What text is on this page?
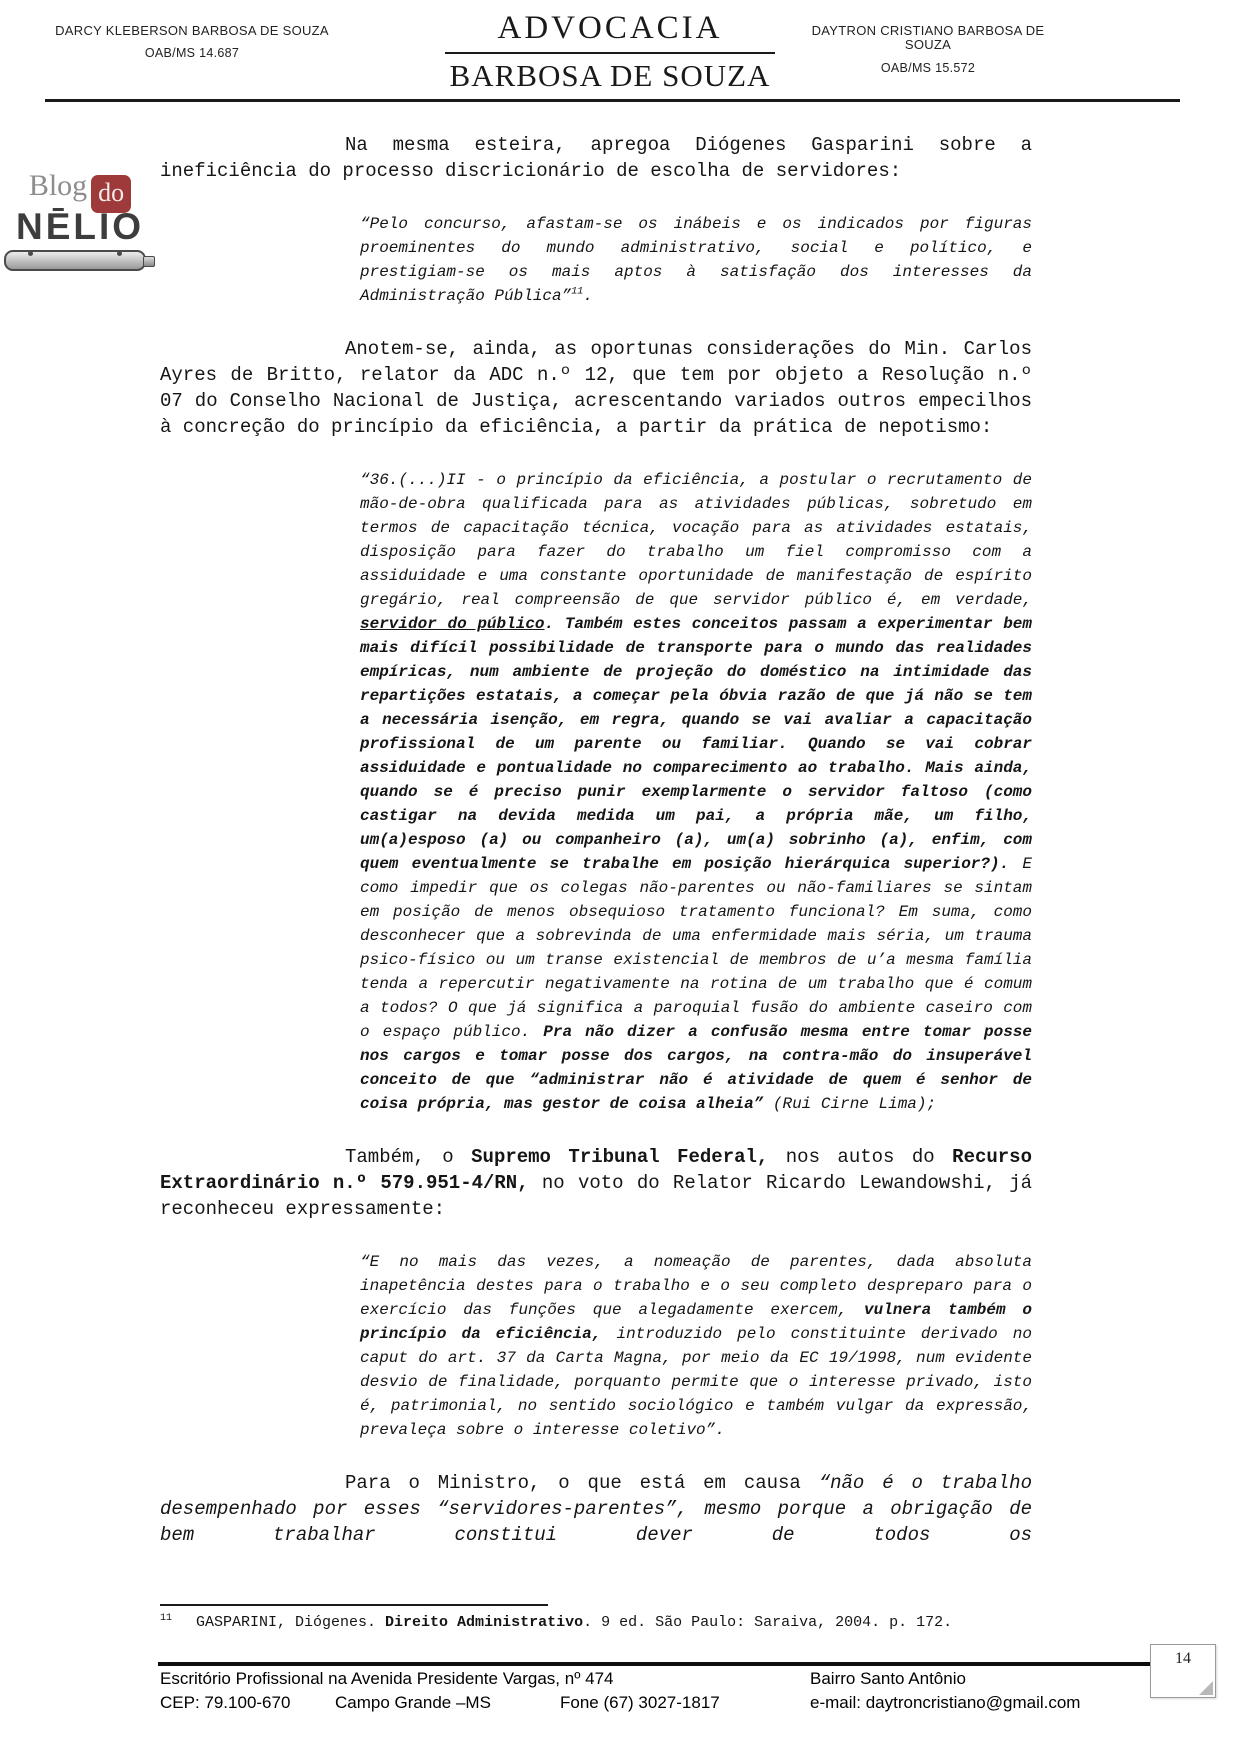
DARCY KLEBERSON BARBOSA DE SOUZA
OAB/MS 14.687
ADVOCACIA
BARBOSA DE SOUZA
DAYTRON CRISTIANO BARBOSA DE SOUZA
OAB/MS 15.572
Blog do
NĒLIO

Na mesma esteira, apregoa Diógenes Gasparini sobre a ineficiência do processo discricionário de escolha de servidores:

“Pelo concurso, afastam-se os inábeis e os indicados por figuras proeminentes do mundo administrativo, social e político, e prestigiam-se os mais aptos à satisfação dos interesses da Administração Pública”$^{11}$.

Anotem-se, ainda, as oportunas considerações do Min. Carlos Ayres de Britto, relator da ADC n.º 12, que tem por objeto a Resolução n.º 07 do Conselho Nacional de Justiça, acrescentando variados outros empecilhos à concreção do princípio da eficiência, a partir da prática de nepotismo:

“36.(...)II - o princípio da eficiência, a postular o recrutamento de mão-de-obra qualificada para as atividades públicas, sobretudo em termos de capacitação técnica, vocação para as atividades estatais, disposição para fazer do trabalho um fiel compromisso com a assiduidade e uma constante oportunidade de manifestação de espírito gregário, real compreensão de que servidor público é, em verdade, servidor do público. Também estes conceitos passam a experimentar bem mais difícil possibilidade de transporte para o mundo das realidades empíricas, num ambiente de projeção do doméstico na intimidade das repartições estatais, a começar pela óbvia razão de que já não se tem a necessária isenção, em regra, quando se vai avaliar a capacitação profissional de um parente ou familiar. Quando se vai cobrar assiduidade e pontualidade no comparecimento ao trabalho. Mais ainda, quando se é preciso punir exemplarmente o servidor faltoso (como castigar na devida medida um pai, a própria mãe, um filho, um(a)esposo (a) ou companheiro (a), um(a) sobrinho (a), enfim, com quem eventualmente se trabalhe em posição hierárquica superior?). E como impedir que os colegas não-parentes ou não-familiares se sintam em posição de menos obsequioso tratamento funcional? Em suma, como desconhecer que a sobrevinda de uma enfermidade mais séria, um trauma psico-físico ou um transe existencial de membros de u’a mesma família tenda a repercutir negativamente na rotina de um trabalho que é comum a todos? O que já significa a paroquial fusão do ambiente caseiro com o espaço público. Pra não dizer a confusão mesma entre tomar posse nos cargos e tomar posse dos cargos, na contra-mão do insuperável conceito de que “administrar não é atividade de quem é senhor de coisa própria, mas gestor de coisa alheia” (Rui Cirne Lima);

Também, o Supremo Tribunal Federal, nos autos do Recurso Extraordinário n.º 579.951-4/RN, no voto do Relator Ricardo Lewandowshi, já reconheceu expressamente:

“E no mais das vezes, a nomeação de parentes, dada absoluta inapetência destes para o trabalho e o seu completo despreparo para o exercício das funções que alegadamente exercem, vulnera também o princípio da eficiência, introduzido pelo constituinte derivado no caput do art. 37 da Carta Magna, por meio da EC 19/1998, num evidente desvio de finalidade, porquanto permite que o interesse privado, isto é, patrimonial, no sentido sociológico e também vulgar da expressão, prevaleça sobre o interesse coletivo”.

Para o Ministro, o que está em causa “não é o trabalho desempenhado por esses “servidores-parentes”, mesmo porque a obrigação de bem trabalhar constitui dever de todos os

$^{11}$ GASPARINI, Diógenes. Direito Administrativo. 9 ed. São Paulo: Saraiva, 2004. p. 172.
Escritório Profissional na Avenida Presidente Vargas, nº 474	Bairro Santo Antônio
CEP: 79.100-670	Campo Grande –MS	Fone (67) 3027-1817	e-mail: daytroncristiano@gmail.com
14
